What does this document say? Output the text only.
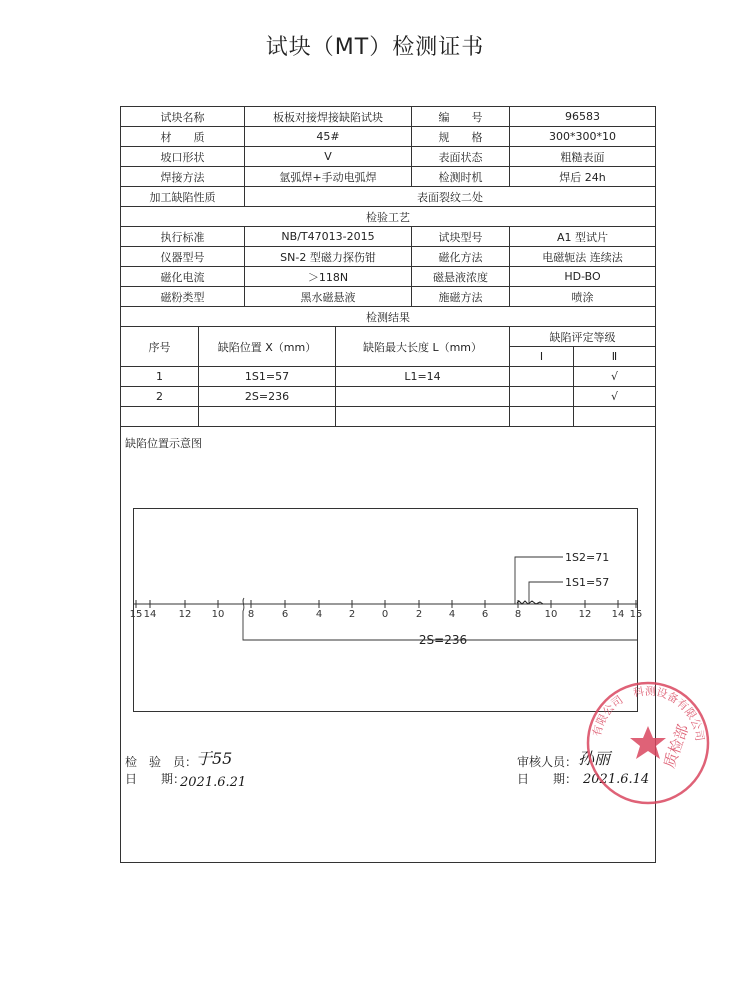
试块（MT）检测证书
试块名称		板板对接焊接缺陷试块		编　　号	96583	
材　　质		45#		规　　格	300*300*10	
坡口形状		V		表面状态	粗糙表面	
焊接方法		氩弧焊+手动电弧焊		检测时机	焊后 24h	
加工缺陷性质		表面裂纹二处				
检验工艺						
执行标准		NB/T47013-2015		试块型号	A1 型试片	
仪器型号		SN-2 型磁力探伤钳		磁化方法	电磁轭法 连续法	
磁化电流		＞118N		磁悬液浓度	HD-BO	
磁粉类型		黑水磁悬液		施磁方法	喷涂	
检测结果						
序号	缺陷位置 X（mm）		缺陷最大长度 L（mm）		缺陷评定等级	
					Ⅰ	Ⅱ
1	1S1=57		L1=14			√
2	2S=236					√

缺陷位置示意图
15 14 12 10 8	6	4	2	0	2	4	6	8 10 12 14 15
2S=236
1S2=71
1S1=57
检　验　员：
于55
日　　期：
2021.6.21
审核人员： 孙丽
日　　期： 2021.6.14
有限公司　科测设备有限公司
质检部
